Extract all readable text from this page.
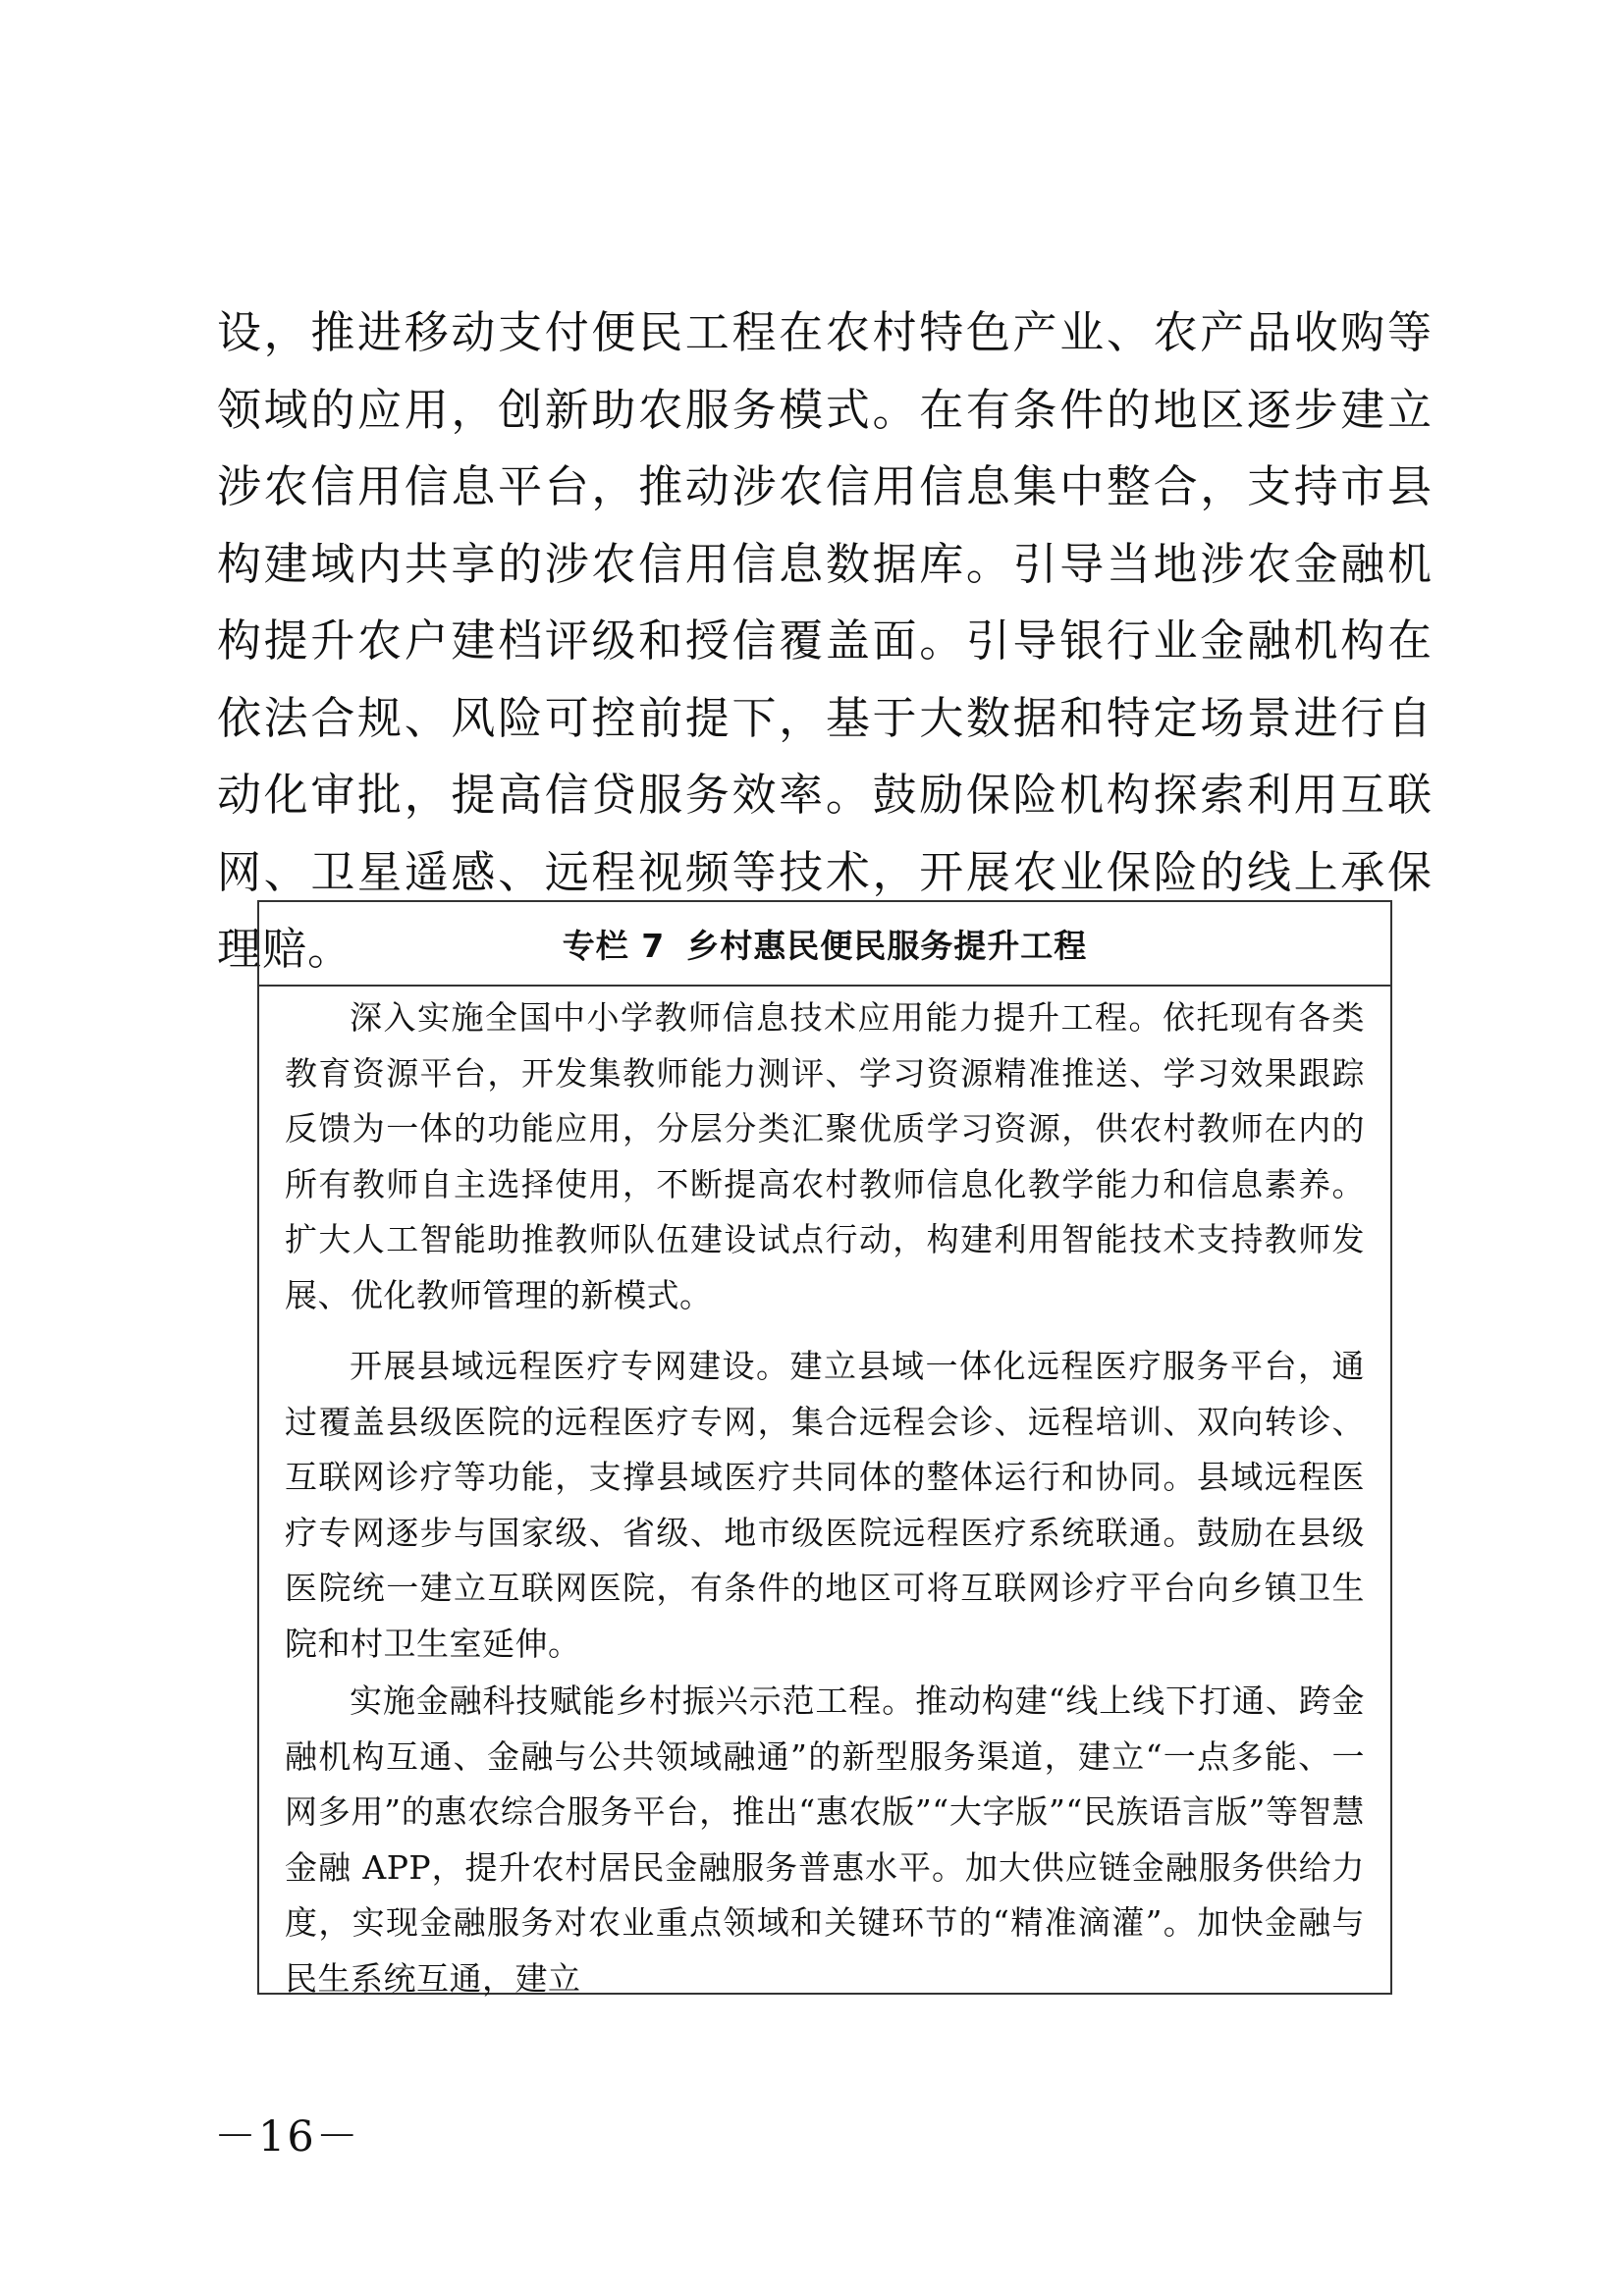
设，推进移动支付便民工程在农村特色产业、农产品收购等领域的应用，创新助农服务模式。在有条件的地区逐步建立涉农信用信息平台，推动涉农信用信息集中整合，支持市县构建域内共享的涉农信用信息数据库。引导当地涉农金融机构提升农户建档评级和授信覆盖面。引导银行业金融机构在依法合规、风险可控前提下，基于大数据和特定场景进行自动化审批，提高信贷服务效率。鼓励保险机构探索利用互联网、卫星遥感、远程视频等技术，开展农业保险的线上承保理赔。	专栏 7 乡村惠民便民服务提升工程

深入实施全国中小学教师信息技术应用能力提升工程。依托现有各类教育资源平台，开发集教师能力测评、学习资源精准推送、学习效果跟踪反馈为一体的功能应用，分层分类汇聚优质学习资源，供农村教师在内的所有教师自主选择使用，不断提高农村教师信息化教学能力和信息素养。扩大人工智能助推教师队伍建设试点行动，构建利用智能技术支持教师发展、优化教师管理的新模式。

开展县域远程医疗专网建设。建立县域一体化远程医疗服务平台，通过覆盖县级医院的远程医疗专网，集合远程会诊、远程培训、双向转诊、互联网诊疗等功能，支撑县域医疗共同体的整体运行和协同。县域远程医疗专网逐步与国家级、省级、地市级医院远程医疗系统联通。鼓励在县级医院统一建立互联网医院，有条件的地区可将互联网诊疗平台向乡镇卫生院和村卫生室延伸。

实施金融科技赋能乡村振兴示范工程。推动构建“线上线下打通、跨金融机构互通、金融与公共领域融通”的新型服务渠道，建立“一点多能、一网多用”的惠农综合服务平台，推出“惠农版”“大字版”“民族语言版”等智慧金融 APP，提升农村居民金融服务普惠水平。加大供应链金融服务供给力度，实现金融服务对农业重点领域和关键环节的“精准滴灌”。加快金融与民生系统互通，建立

－16－
